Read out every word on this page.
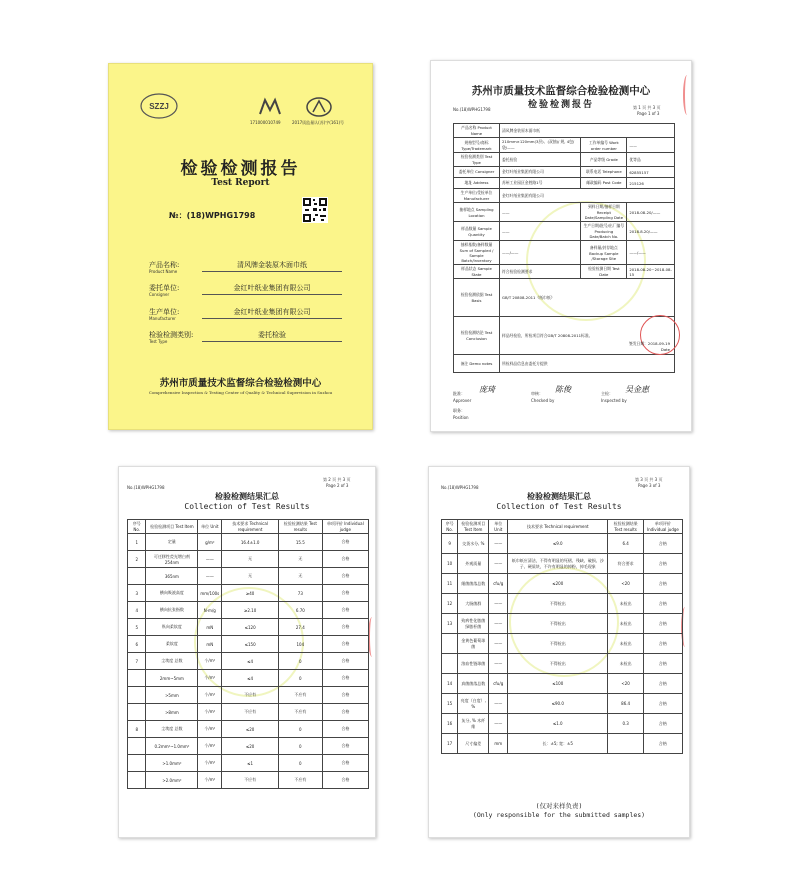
SZZJ
171000010749	2017质监量认(苏)字(161)号
检验检测报告
Test Report
№：(18)WPHG1798
产品名称:
Product Name
清风牌金装原木面巾纸
委托单位:
Consigner
金红叶纸业集团有限公司
生产单位:
Manufacturer
金红叶纸业集团有限公司
检验检测类别:
Test Type
委托检验
苏州市质量技术监督综合检验检测中心
Comprehensive Inspection & Testing Center of Quality & Technical Supervision in Suzhou
苏州市质量技术监督综合检验检测中心
检验检测报告
No.(18)WPHG1798	第 1 页 共 3 页
Page 1 of 3
产品名称 Product Name	清风牌金装原木面巾纸		
规格型号/商标 Type/Trademark	210mm×120mm(3层)、(双抽)/ 规, 4包/袋/——	工作单编号 Work order number	——
检验检测类别 Test Type	委托检验	产品等级 Grade	优等品
委托单位 Consigner	金红叶纸业集团有限公司	联系电话 Telephone	62855157
地址 Address	苏州工业园区金胜路1号	邮政编码 Post Code	215126
生产单位/受检单位 Manufacturer	金红叶纸业集团有限公司		
抽样地点 Sampling Location	——	到样日期/抽样日期 Receipt Date/Sampling Date	2018-08-20/——
样品数量 Sample Quantity	——	生产日期/批号/出厂编号 Producing Date/Batch No.	2018.8.20/——
抽样基数/备样数量 Sum of Sampled / Sample Batch/Inventory	——/——	备样量/封存地点 Backup Sample /Storage Site	——/——
样品状态 Sample State	符合检验检测要求	检验检测日期 Test Date	2018-08-20~2018-08-15
检验检测依据 Test Basis	GB/T 20808-2011《纸巾纸》		
检验检测结论 Test Conclusion	样品经检验，所检项目符合GB/T 20808-2011标准。
签发日期：2018-09-19
Date		

备注 Demo notes	所检样品信息由委托方提供		
批准：
Approver
庞琦	审核：
Checked by
陈俊	主检：
Inspected by
吴金惠
职务：
Position
No.(18)WPHG1798
第 2 页 共 3 页
Page 2 of 3
检验检测结果汇总
Collection of Test Results
序号 No.	检验检测项目 Test Item	单位 Unit	技术要求 Technical requirement	检验检测结果 Test results	单项评价 Individual judge
1	定量	g/m²	16.4±1.0	15.5	合格
2	可迁移性荧光增白剂 254nm	——	无	无	合格
	365nm	——	无	无	合格
3	横向吸液高度	mm/100s	≥40	73	合格
4	横向抗张指数	N·m/g	≥2.10	6.70	合格
5	纵向柔软度	mN	≤120	27.4	合格
6	柔软度	mN	≤150	104	合格
7	尘埃度 总数	个/m²	≤4	0	合格
	2mm~5mm	个/m²	≤4	0	合格
	>5mm	个/m²	不应有	不应有	合格
	>8mm	个/m²	不应有	不应有	合格
8	尘埃度 总数	个/m²	≤20	0	合格
	0.2mm²~1.0mm²	个/m²	≤20	0	合格
	>1.0mm²	个/m²	≤1	0	合格
	>2.0mm²	个/m²	不应有	不应有	合格
No.(18)WPHG1798
第 3 页 共 3 页
Page 3 of 3
检验检测结果汇总
Collection of Test Results
序号 No.	检验检测项目 Test Item	单位 Unit	技术要求 Technical requirement	检验检测结果 Test results	单项评价 Individual judge
9	交货水分, %	——	≤9.0	6.4	合格
10	外观质量	——	纸巾纸应清洁，不得有明显的死褶、残缺、破损、沙子、硬质块，不许有明显的掉粉、掉毛现象	符合要求	合格
11	细菌菌落总数	cfu/g	≤200	<20	合格
12	大肠菌群	——	不得检出	未检出	合格
13	致病性化脓菌 绿脓杆菌	——	不得检出	未检出	合格
	金黄色葡萄球菌	——	不得检出	未检出	合格
	溶血性链球菌	——	不得检出	未检出	合格
14	真菌菌落总数	cfu/g	≤100	<20	合格
15	亮度（白度）, %	——	≤90.0	86.4	合格
16	灰分, % 木纤维	——	≤1.0	0.3	合格
17	尺寸偏差	mm	长：±5; 宽：±5		合格
(仅对来样负责)
(Only responsible for the submitted samples)
